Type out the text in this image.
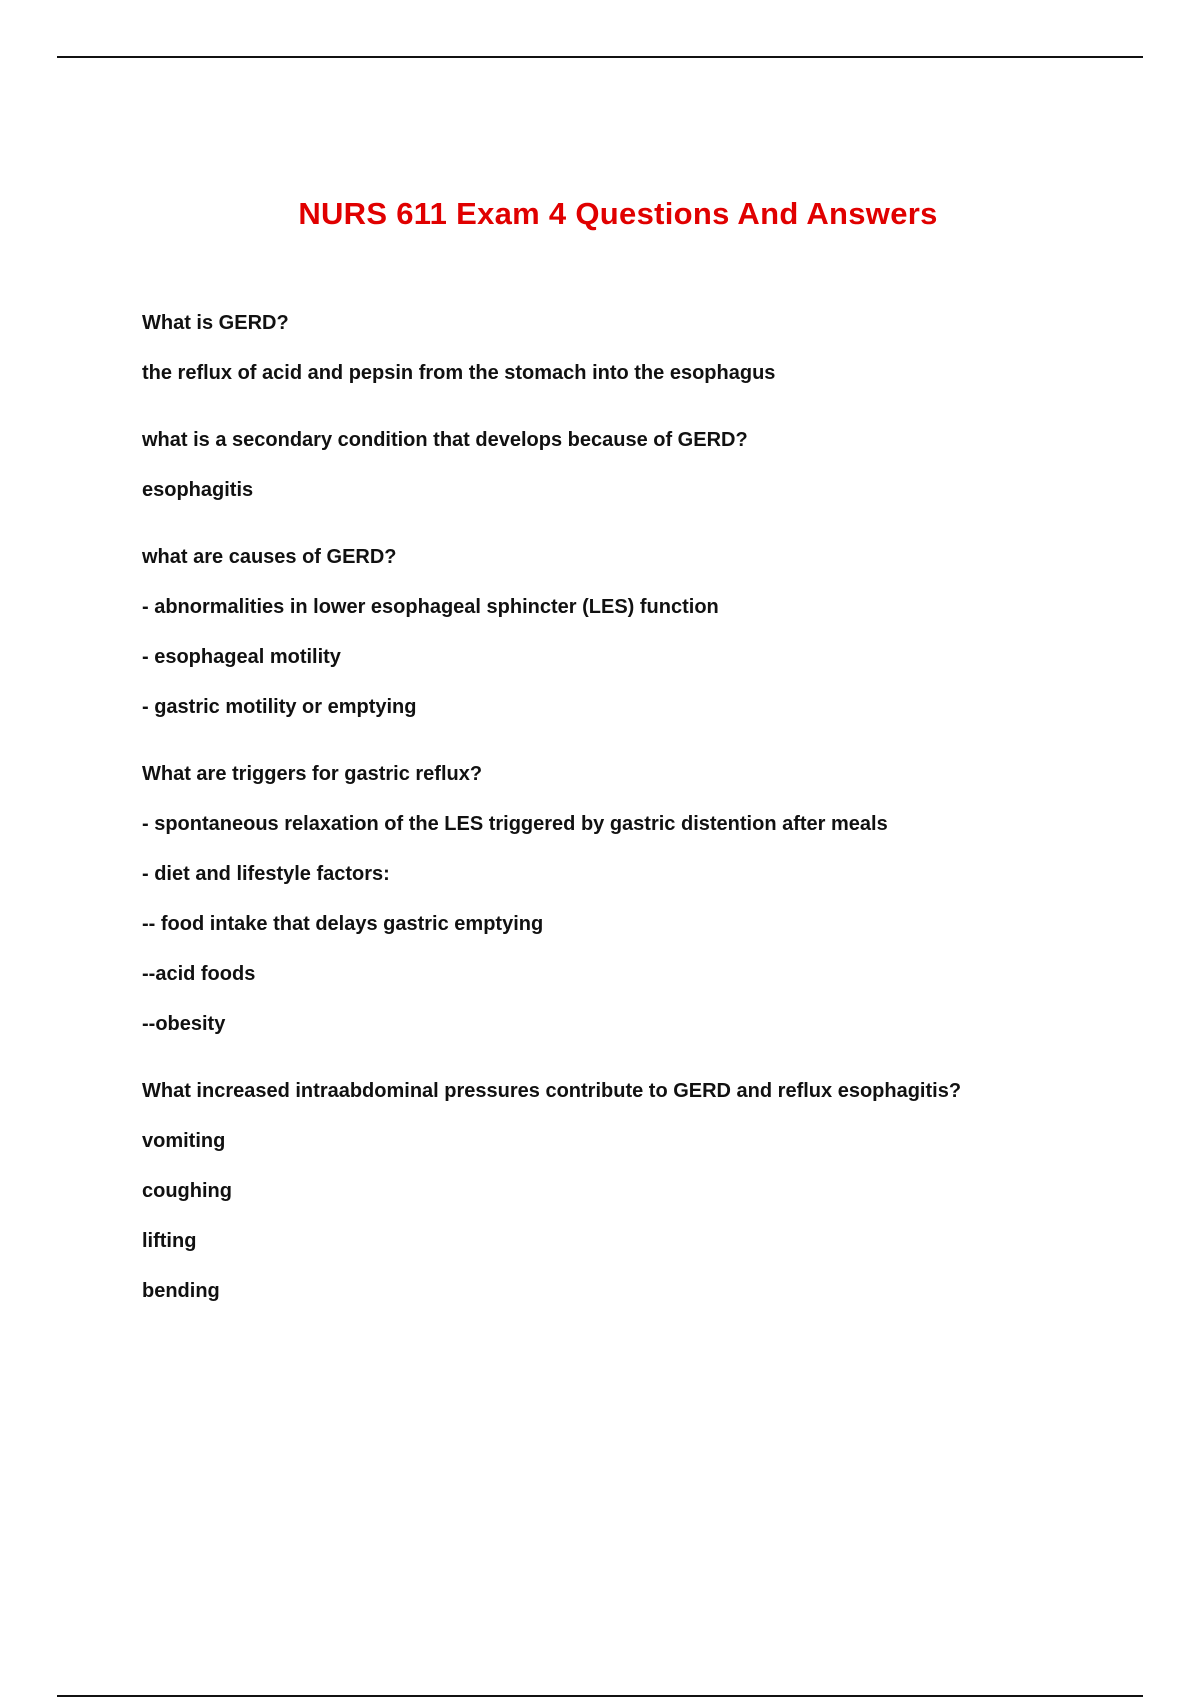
NURS 611 Exam 4 Questions And Answers
What is GERD?
the reflux of acid and pepsin from the stomach into the esophagus
what is a secondary condition that develops because of GERD?
esophagitis
what are causes of GERD?
- abnormalities in lower esophageal sphincter (LES) function
- esophageal motility
- gastric motility or emptying
What are triggers for gastric reflux?
- spontaneous relaxation of the LES triggered by gastric distention after meals
- diet and lifestyle factors:
-- food intake that delays gastric emptying
--acid foods
--obesity
What increased intraabdominal pressures contribute to GERD and reflux esophagitis?
vomiting
coughing
lifting
bending
